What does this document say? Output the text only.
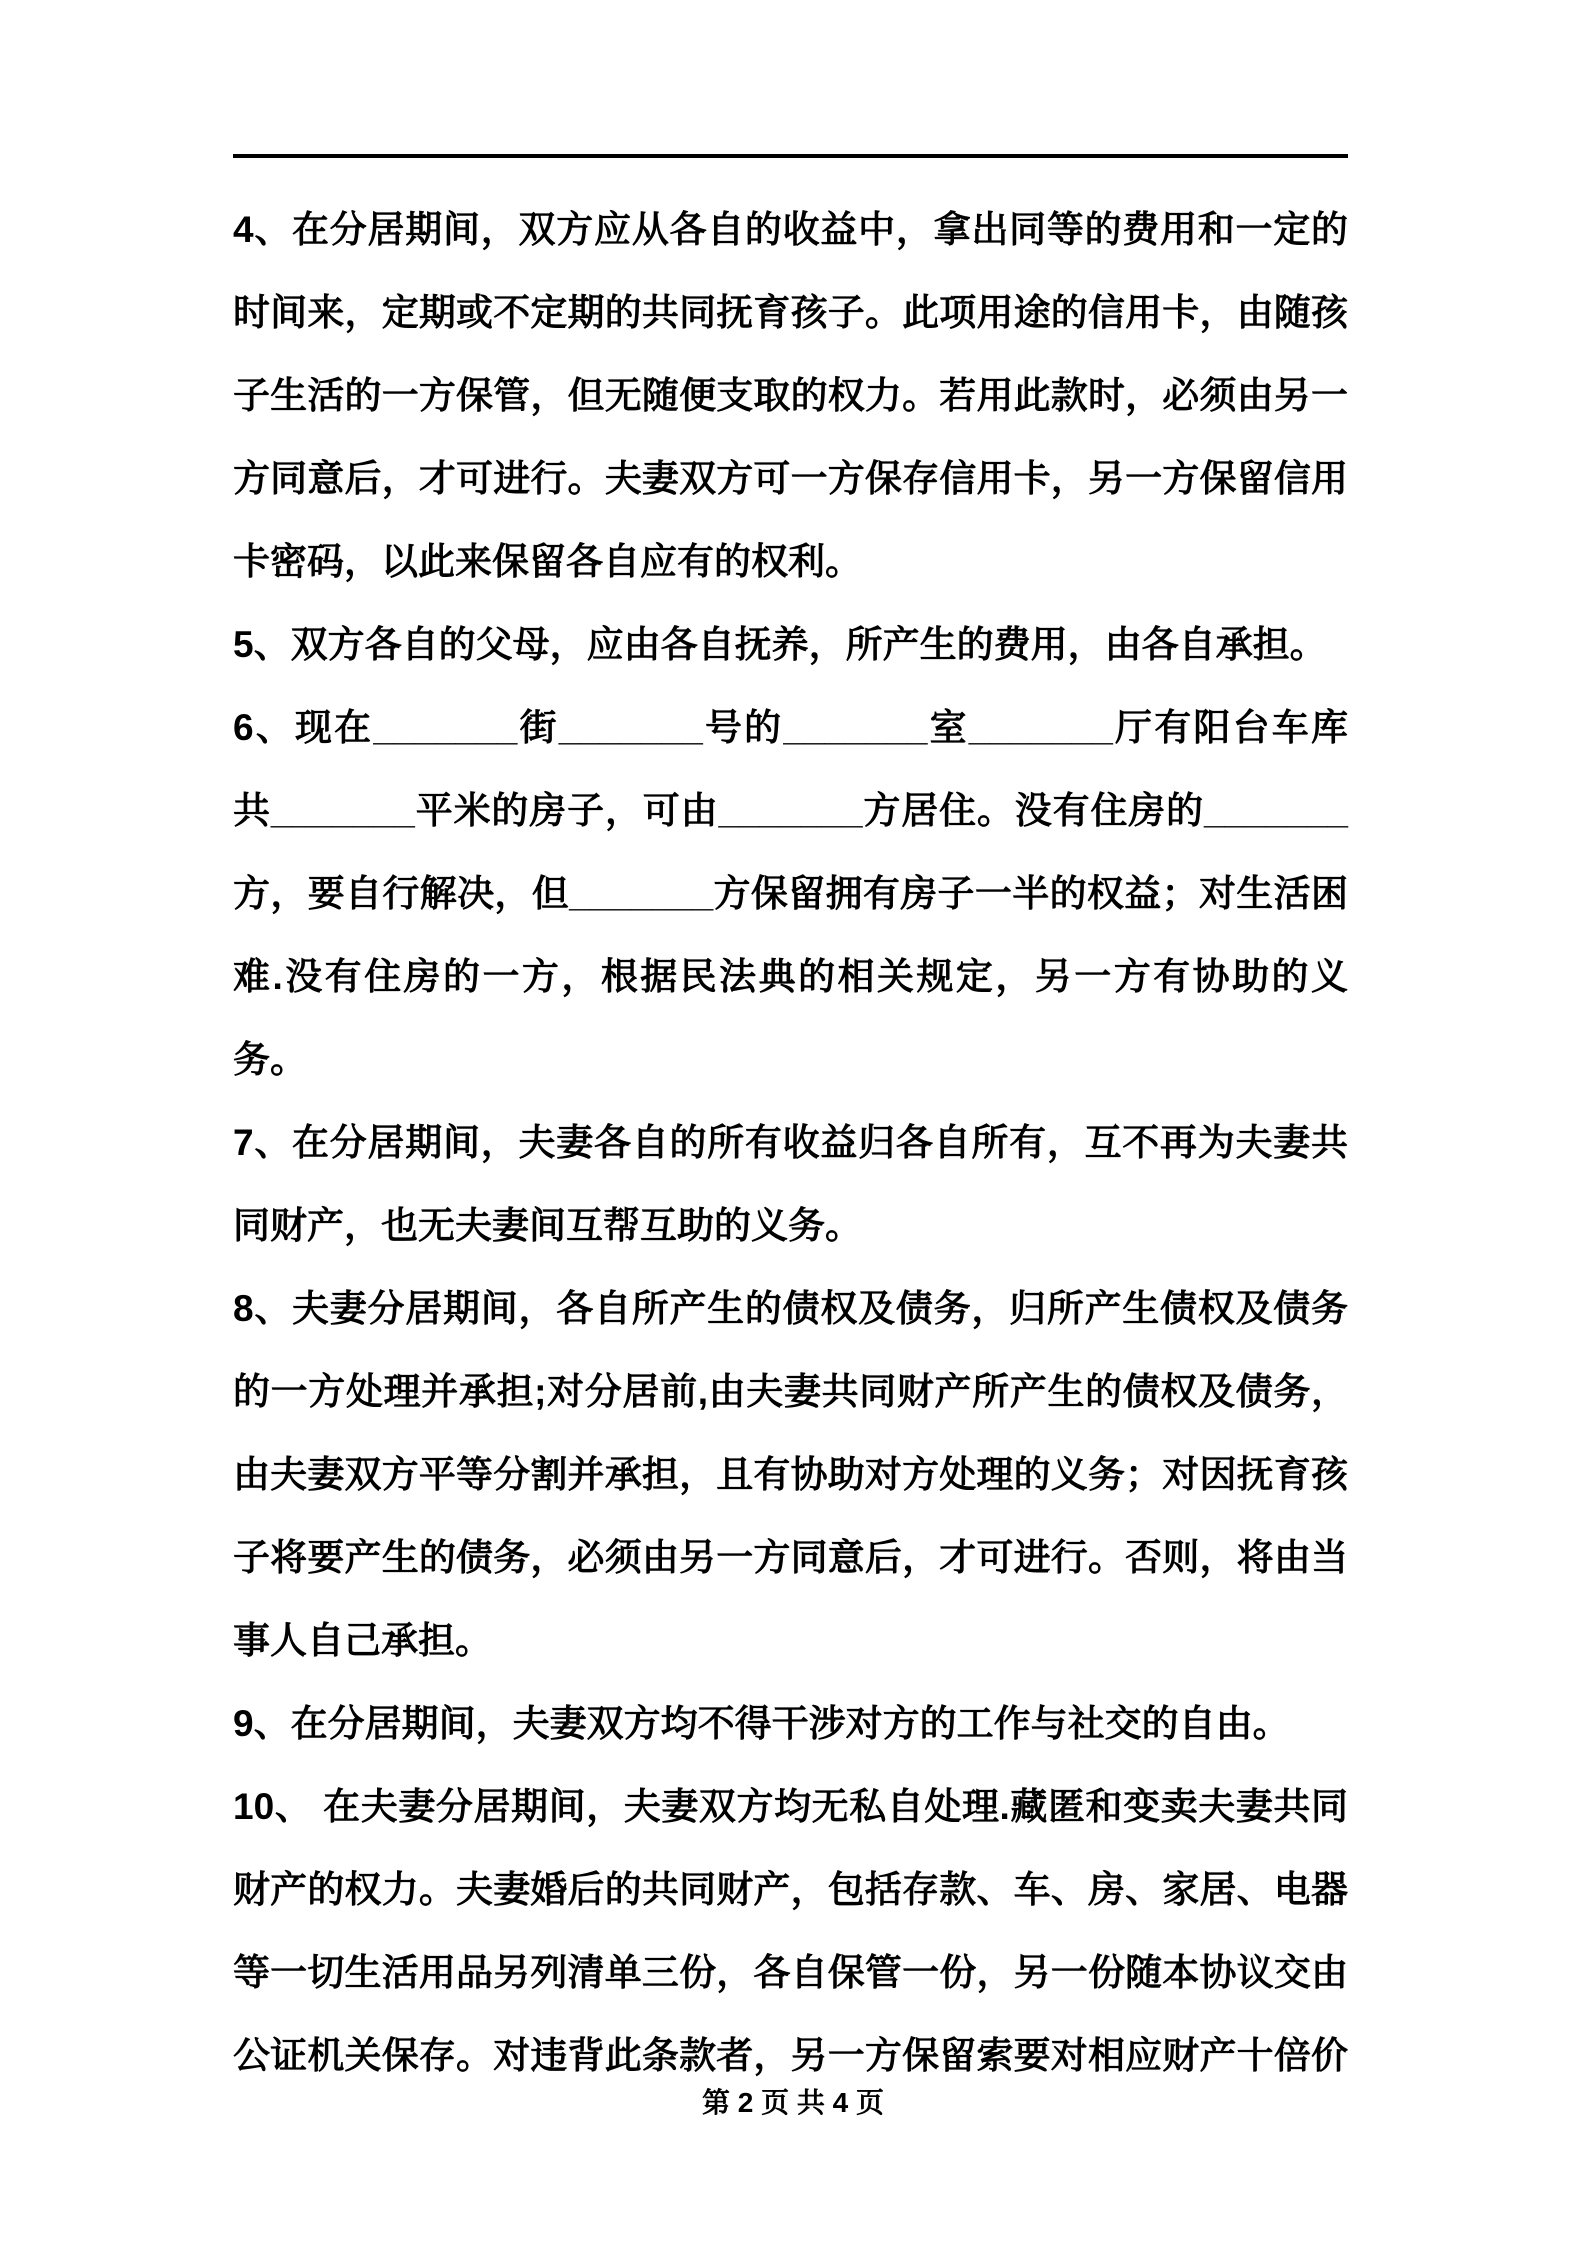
4、在分居期间，双方应从各自的收益中，拿出同等的费用和一定的
时间来，定期或不定期的共同抚育孩子。此项用途的信用卡，由随孩
子生活的一方保管，但无随便支取的权力。若用此款时，必须由另一
方同意后，才可进行。夫妻双方可一方保存信用卡，另一方保留信用
卡密码，以此来保留各自应有的权利。
5、双方各自的父母，应由各自抚养，所产生的费用，由各自承担。
6、现在_______街_______号的_______室_______厅有阳台车库
共_______平米的房子，可由_______方居住。没有住房的_______
方，要自行解决，但_______方保留拥有房子一半的权益；对生活困
难.没有住房的一方，根据民法典的相关规定，另一方有协助的义务。
7、在分居期间，夫妻各自的所有收益归各自所有，互不再为夫妻共
同财产，也无夫妻间互帮互助的义务。
8、夫妻分居期间，各自所产生的债权及债务，归所产生债权及债务
的一方处理并承担;对分居前,由夫妻共同财产所产生的债权及债务，
由夫妻双方平等分割并承担，且有协助对方处理的义务；对因抚育孩
子将要产生的债务，必须由另一方同意后，才可进行。否则，将由当
事人自己承担。
9、在分居期间，夫妻双方均不得干涉对方的工作与社交的自由。
10、 在夫妻分居期间，夫妻双方均无私自处理.藏匿和变卖夫妻共同
财产的权力。夫妻婚后的共同财产，包括存款、车、房、家居、电器
等一切生活用品另列清单三份，各自保管一份，另一份随本协议交由
公证机关保存。对违背此条款者，另一方保留索要对相应财产十倍价
第 2 页 共 4 页
